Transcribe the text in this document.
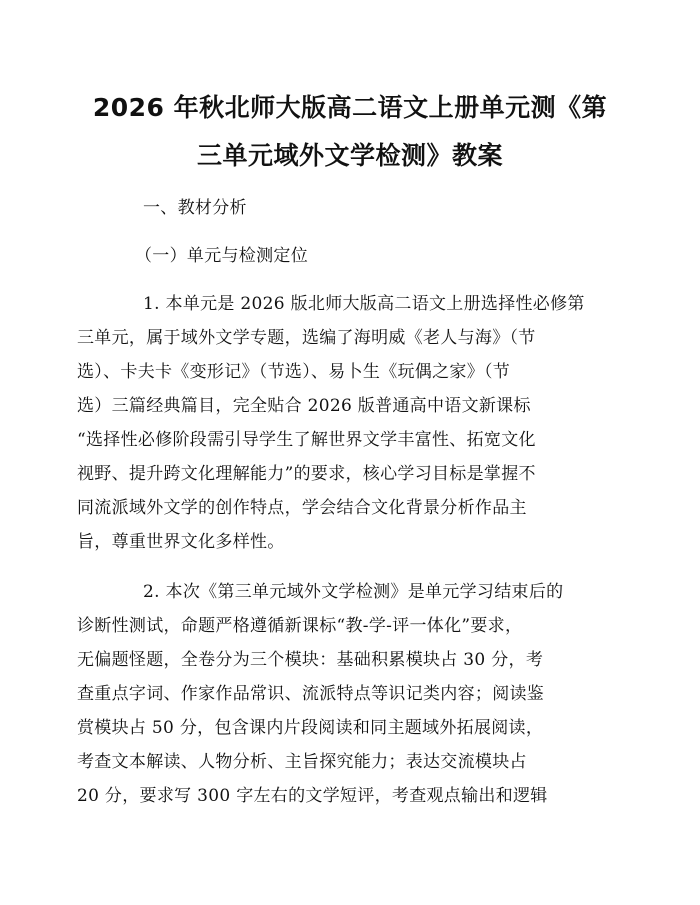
2026 年秋北师大版高二语文上册单元测《第
三单元域外文学检测》教案
一、教材分析
（一）单元与检测定位
1. 本单元是 2026 版北师大版高二语文上册选择性必修第
三单元，属于域外文学专题，选编了海明威《老人与海》（节
选）、卡夫卡《变形记》（节选）、易卜生《玩偶之家》（节
选）三篇经典篇目，完全贴合 2026 版普通高中语文新课标
“选择性必修阶段需引导学生了解世界文学丰富性、拓宽文化
视野、提升跨文化理解能力”的要求，核心学习目标是掌握不
同流派域外文学的创作特点，学会结合文化背景分析作品主
旨，尊重世界文化多样性。
2. 本次《第三单元域外文学检测》是单元学习结束后的
诊断性测试，命题严格遵循新课标“教-学-评一体化”要求，
无偏题怪题，全卷分为三个模块：基础积累模块占 30 分，考
查重点字词、作家作品常识、流派特点等识记类内容；阅读鉴
赏模块占 50 分，包含课内片段阅读和同主题域外拓展阅读，
考查文本解读、人物分析、主旨探究能力；表达交流模块占
20 分，要求写 300 字左右的文学短评，考查观点输出和逻辑
